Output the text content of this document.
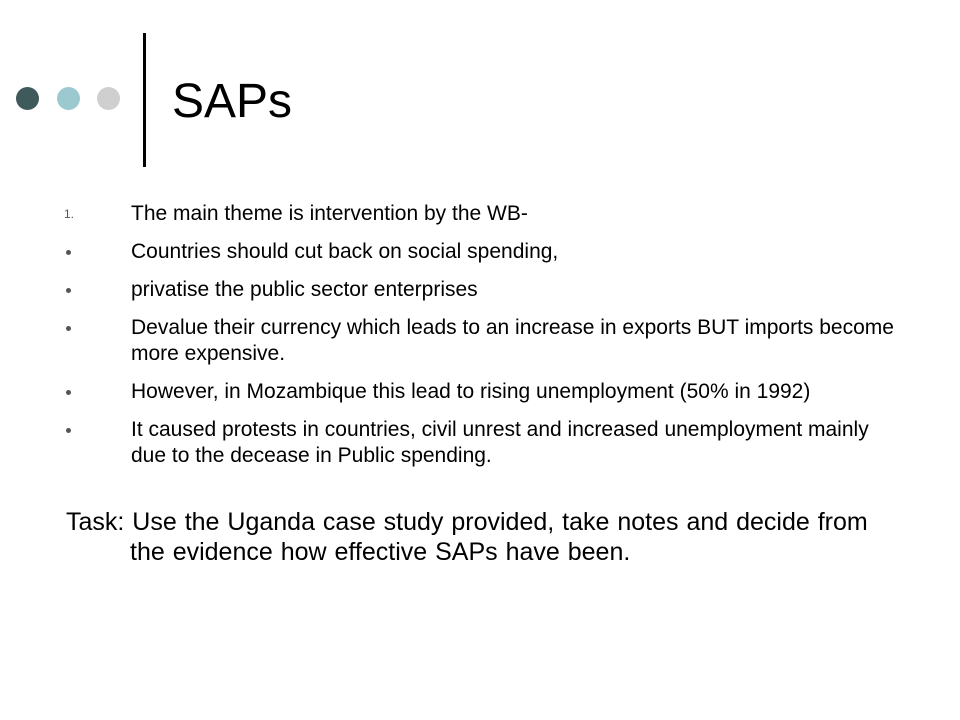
SAPs

1.	The main theme is intervention by the WB-

Countries should cut back on social spending,

privatise the public sector enterprises

Devalue their currency which leads to an increase in exports BUT imports become more expensive.

However, in Mozambique this lead to rising unemployment (50% in 1992)

It caused protests in countries, civil unrest and increased unemployment mainly due to the decease in Public spending.

Task: Use the Uganda case study provided, take notes and decide from the evidence how effective SAPs have been.
